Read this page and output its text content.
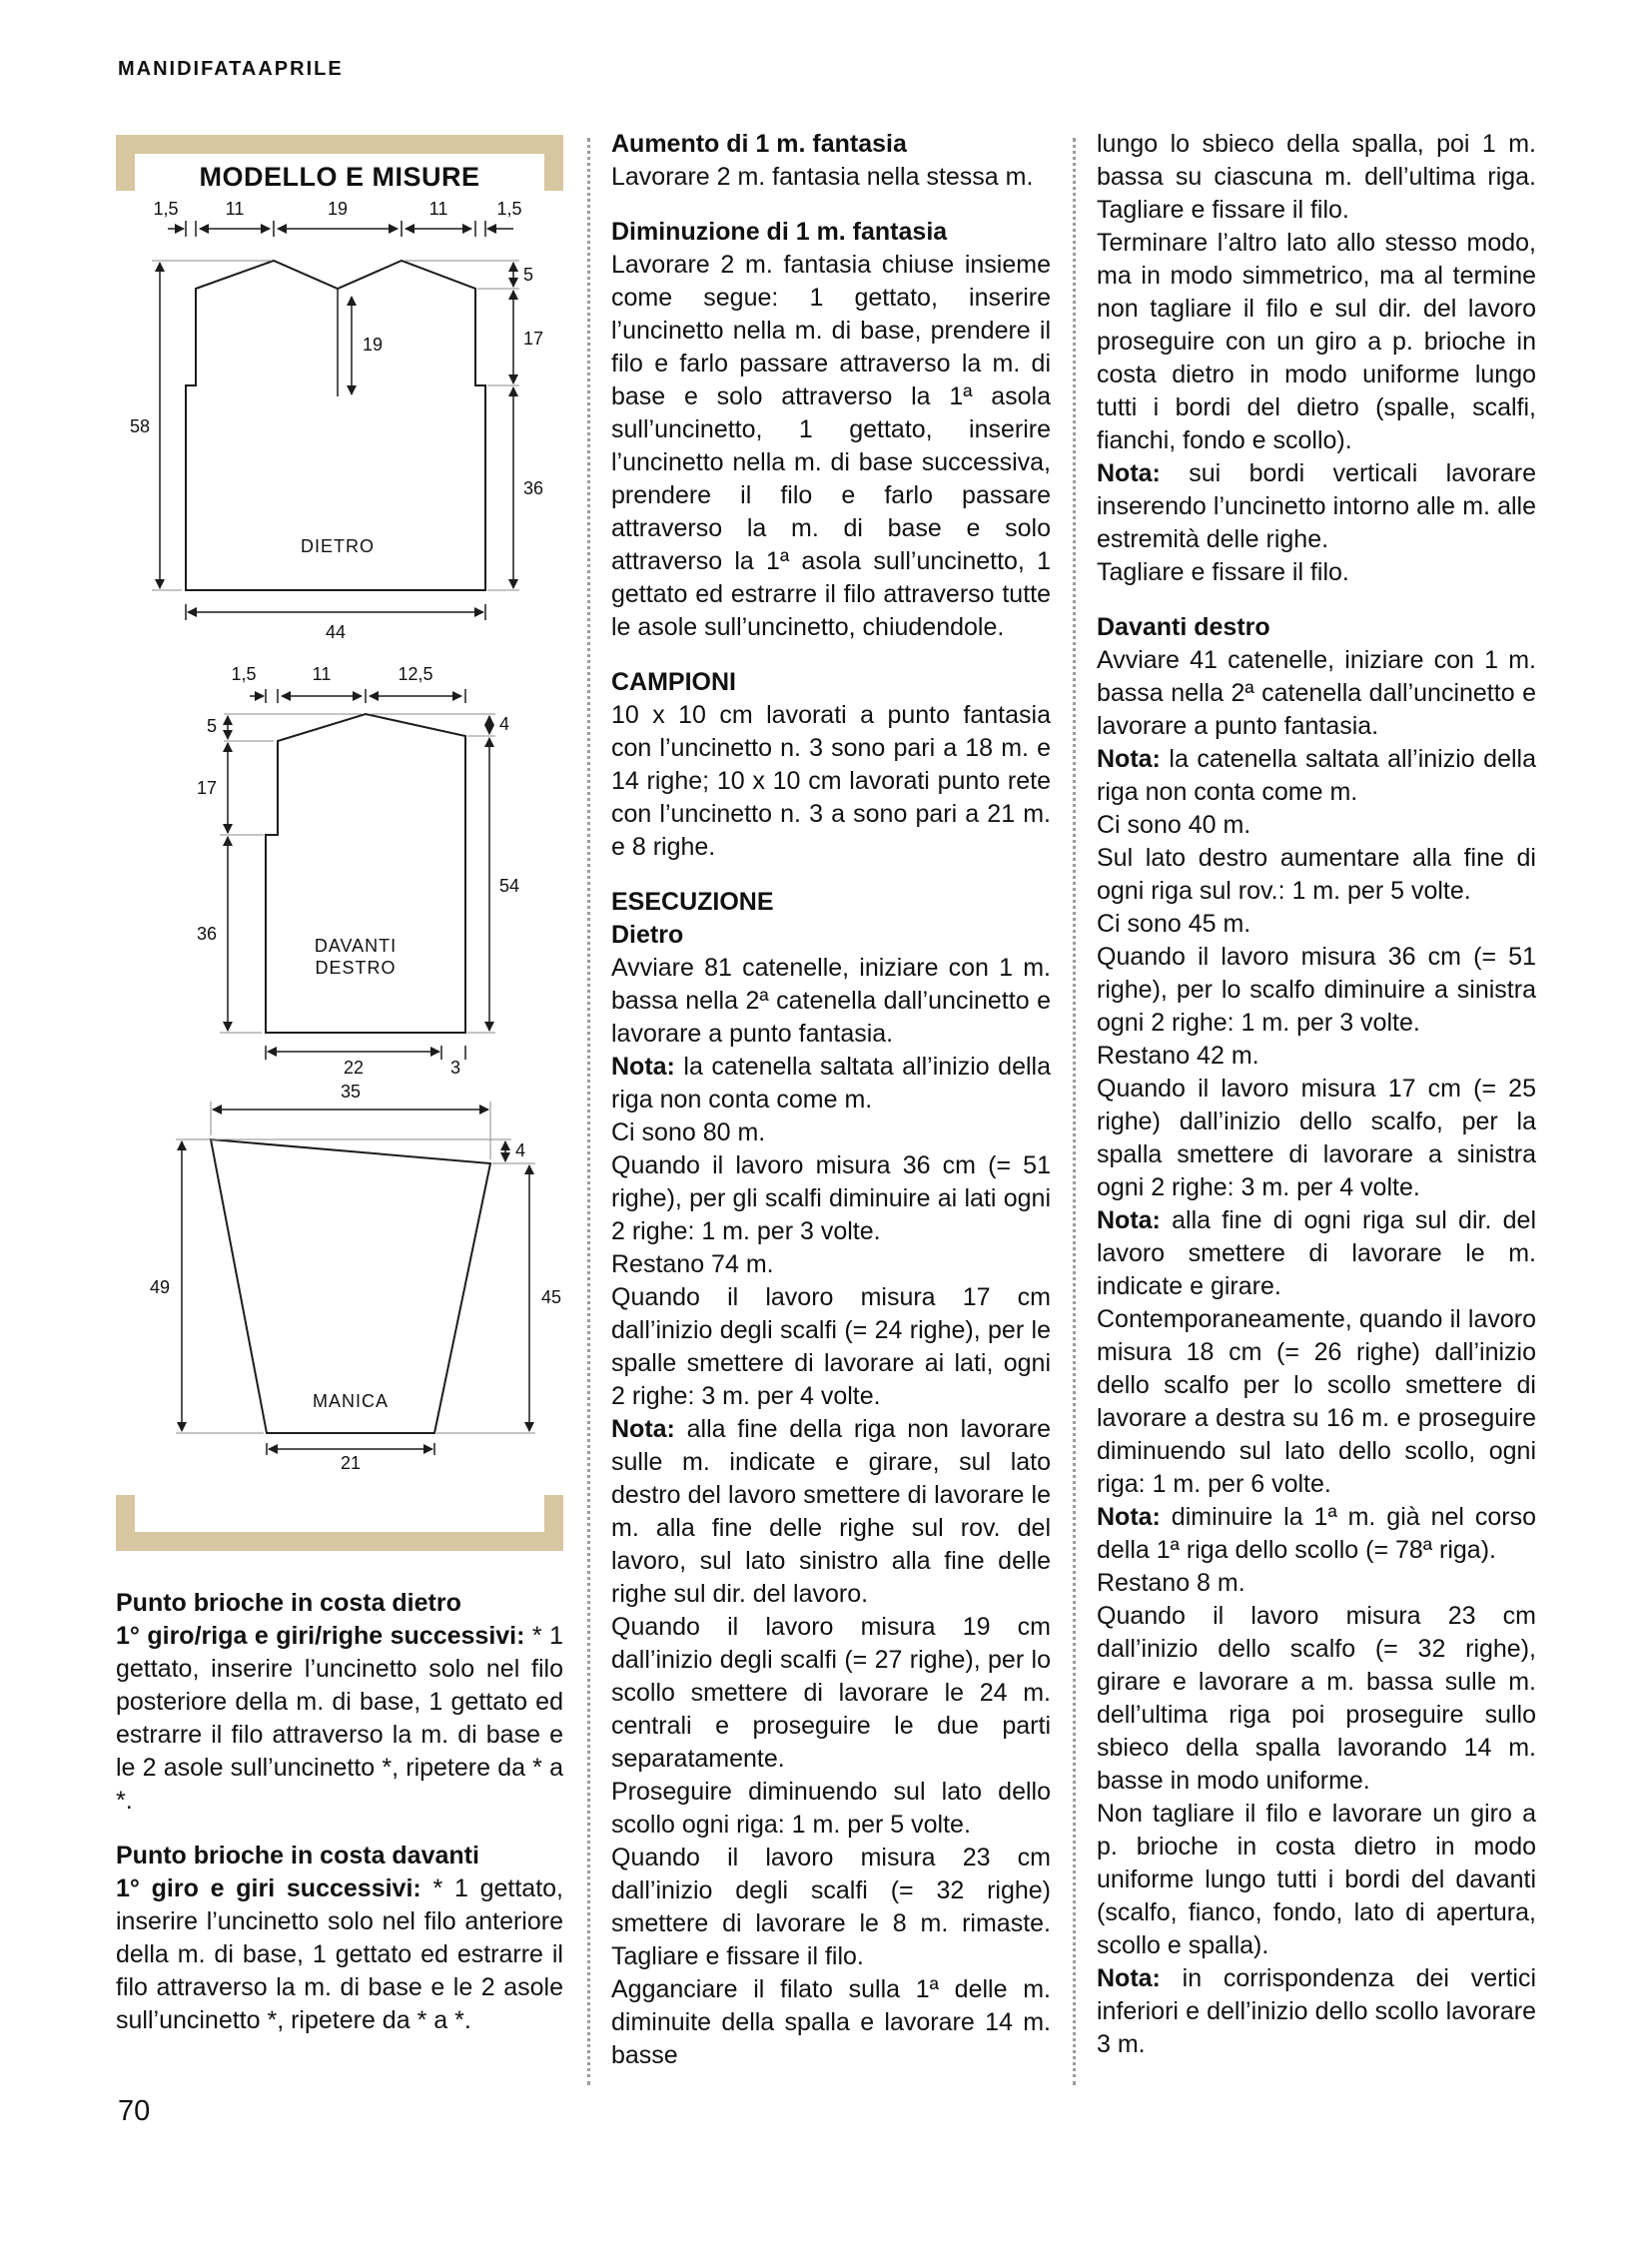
MANIDIFATAAPRILE
MODELLO E MISURE
1,5	11	19	11	1,5
58
19
5
17
36
44
DIETRO
1,5	11	12,5
5
17
36
4
54
22	3
DAVANTI
DESTRO
35
49
4
45
21
MANICA

Punto brioche in costa dietro

1° giro/riga e giri/righe successivi: * 1 gettato, inserire l’uncinetto solo nel filo posteriore della m. di base, 1 gettato ed estrarre il filo attraverso la m. di base e le 2 asole sull’uncinetto *, ripetere da * a *.

Punto brioche in costa davanti

1° giro e giri successivi: * 1 gettato, inserire l’uncinetto solo nel filo anteriore della m. di base, 1 gettato ed estrarre il filo attraverso la m. di base e le 2 asole sull’uncinetto *, ripetere da * a *.

Aumento di 1 m. fantasia

Lavorare 2 m. fantasia nella stessa m.

Diminuzione di 1 m. fantasia

Lavorare 2 m. fantasia chiuse insieme come segue: 1 gettato, inserire l’uncinetto nella m. di base, prendere il filo e farlo passare attraverso la m. di base e solo attraverso la 1ª asola sull’uncinetto, 1 gettato, inserire l’uncinetto nella m. di base successiva, prendere il filo e farlo passare attraverso la m. di base e solo attraverso la 1ª asola sull’uncinetto, 1 gettato ed estrarre il filo attraverso tutte le asole sull’uncinetto, chiudendole.

CAMPIONI

10 x 10 cm lavorati a punto fantasia con l’uncinetto n. 3 sono pari a 18 m. e 14 righe; 10 x 10 cm lavorati punto rete con l’uncinetto n. 3 a sono pari a 21 m. e 8 righe.

ESECUZIONE

Dietro

Avviare 81 catenelle, iniziare con 1 m. bassa nella 2ª catenella dall’uncinetto e lavorare a punto fantasia.

Nota: la catenella saltata all’inizio della riga non conta come m.

Ci sono 80 m.

Quando il lavoro misura 36 cm (= 51 righe), per gli scalfi diminuire ai lati ogni 2 righe: 1 m. per 3 volte.

Restano 74 m.

Quando il lavoro misura 17 cm dall’inizio degli scalfi (= 24 righe), per le spalle smettere di lavorare ai lati, ogni 2 righe: 3 m. per 4 volte.

Nota: alla fine della riga non lavorare sulle m. indicate e girare, sul lato destro del lavoro smettere di lavorare le m. alla fine delle righe sul rov. del lavoro, sul lato sinistro alla fine delle righe sul dir. del lavoro.

Quando il lavoro misura 19 cm dall’inizio degli scalfi (= 27 righe), per lo scollo smettere di lavorare le 24 m. centrali e proseguire le due parti separatamente.

Proseguire diminuendo sul lato dello scollo ogni riga: 1 m. per 5 volte.

Quando il lavoro misura 23 cm dall’inizio degli scalfi (= 32 righe) smettere di lavorare le 8 m. rimaste. Tagliare e fissare il filo.

Agganciare il filato sulla 1ª delle m. diminuite della spalla e lavorare 14 m. basse

lungo lo sbieco della spalla, poi 1 m. bassa su ciascuna m. dell’ultima riga. Tagliare e fissare il filo.

Terminare l’altro lato allo stesso modo, ma in modo simmetrico, ma al termine non tagliare il filo e sul dir. del lavoro proseguire con un giro a p. brioche in costa dietro in modo uniforme lungo tutti i bordi del dietro (spalle, scalfi, fianchi, fondo e scollo).

Nota: sui bordi verticali lavorare inserendo l’uncinetto intorno alle m. alle estremità delle righe.

Tagliare e fissare il filo.

Davanti destro

Avviare 41 catenelle, iniziare con 1 m. bassa nella 2ª catenella dall’uncinetto e lavorare a punto fantasia.

Nota: la catenella saltata all’inizio della riga non conta come m.

Ci sono 40 m.

Sul lato destro aumentare alla fine di ogni riga sul rov.: 1 m. per 5 volte.

Ci sono 45 m.

Quando il lavoro misura 36 cm (= 51 righe), per lo scalfo diminuire a sinistra ogni 2 righe: 1 m. per 3 volte.

Restano 42 m.

Quando il lavoro misura 17 cm (= 25 righe) dall’inizio dello scalfo, per la spalla smettere di lavorare a sinistra ogni 2 righe: 3 m. per 4 volte.

Nota: alla fine di ogni riga sul dir. del lavoro smettere di lavorare le m. indicate e girare.

Contemporaneamente, quando il lavoro misura 18 cm (= 26 righe) dall’inizio dello scalfo per lo scollo smettere di lavorare a destra su 16 m. e proseguire diminuendo sul lato dello scollo, ogni riga: 1 m. per 6 volte.

Nota: diminuire la 1ª m. già nel corso della 1ª riga dello scollo (= 78ª riga).

Restano 8 m.

Quando il lavoro misura 23 cm dall’inizio dello scalfo (= 32 righe), girare e lavorare a m. bassa sulle m. dell’ultima riga poi proseguire sullo sbieco della spalla lavorando 14 m. basse in modo uniforme.

Non tagliare il filo e lavorare un giro a p. brioche in costa dietro in modo uniforme lungo tutti i bordi del davanti (scalfo, fianco, fondo, lato di apertura, scollo e spalla).

Nota: in corrispondenza dei vertici inferiori e dell’inizio dello scollo lavorare 3 m.

70
